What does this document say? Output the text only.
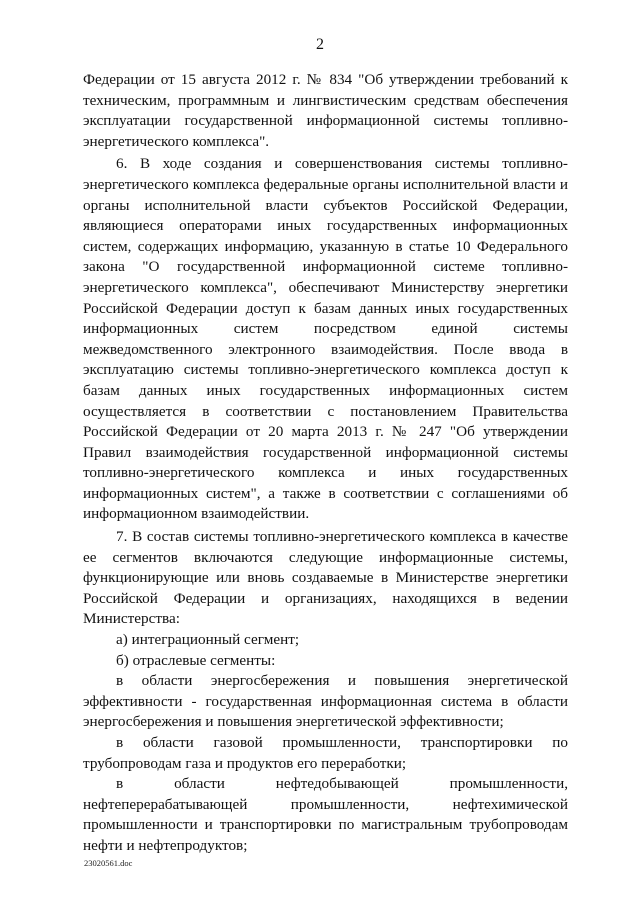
2

Федерации от 15 августа 2012 г. № 834 "Об утверждении требований к техническим, программным и лингвистическим средствам обеспечения эксплуатации государственной информационной системы топливно-энергетического комплекса".

6. В ходе создания и совершенствования системы топливно-энергетического комплекса федеральные органы исполнительной власти и органы исполнительной власти субъектов Российской Федерации, являющиеся операторами иных государственных информационных систем, содержащих информацию, указанную в статье 10 Федерального закона "О государственной информационной системе топливно-энергетического комплекса", обеспечивают Министерству энергетики Российской Федерации доступ к базам данных иных государственных информационных систем посредством единой системы межведомственного электронного взаимодействия. После ввода в эксплуатацию системы топливно-энергетического комплекса доступ к базам данных иных государственных информационных систем осуществляется в соответствии с постановлением Правительства Российской Федерации от 20 марта 2013 г. № 247 "Об утверждении Правил взаимодействия государственной информационной системы топливно-энергетического комплекса и иных государственных информационных систем", а также в соответствии с соглашениями об информационном взаимодействии.

7. В состав системы топливно-энергетического комплекса в качестве ее сегментов включаются следующие информационные системы, функционирующие или вновь создаваемые в Министерстве энергетики Российской Федерации и организациях, находящихся в ведении Министерства:

а) интеграционный сегмент;

б) отраслевые сегменты:

в области энергосбережения и повышения энергетической эффективности - государственная информационная система в области энергосбережения и повышения энергетической эффективности;

в области газовой промышленности, транспортировки по трубопроводам газа и продуктов его переработки;

в области нефтедобывающей промышленности, нефтеперерабатывающей промышленности, нефтехимической промышленности и транспортировки по магистральным трубопроводам нефти и нефтепродуктов;

23020561.doc
